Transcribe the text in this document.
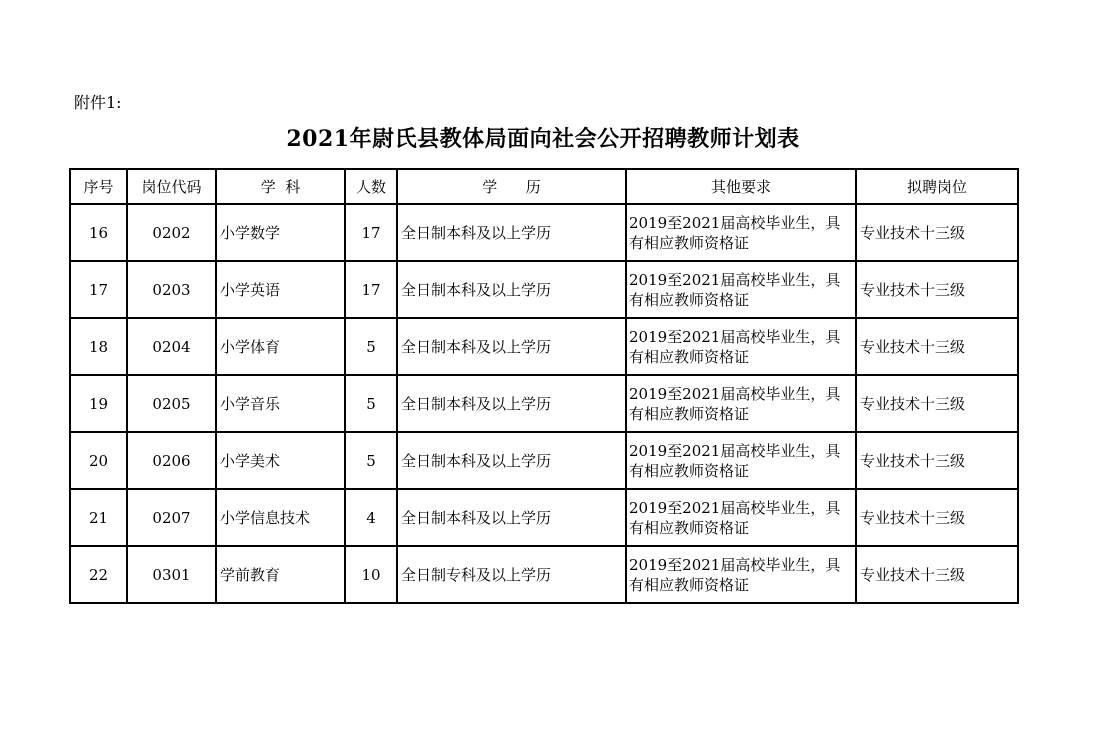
附件1:
2021年尉氏县教体局面向社会公开招聘教师计划表
序号	岗位代码	学  科	人数	学      历	其他要求	拟聘岗位
16	0202	小学数学	17	全日制本科及以上学历	2019至2021届高校毕业生，具有相应教师资格证	专业技术十三级
17	0203	小学英语	17	全日制本科及以上学历	2019至2021届高校毕业生，具有相应教师资格证	专业技术十三级
18	0204	小学体育	5	全日制本科及以上学历	2019至2021届高校毕业生，具有相应教师资格证	专业技术十三级
19	0205	小学音乐	5	全日制本科及以上学历	2019至2021届高校毕业生，具有相应教师资格证	专业技术十三级
20	0206	小学美术	5	全日制本科及以上学历	2019至2021届高校毕业生，具有相应教师资格证	专业技术十三级
21	0207	小学信息技术	4	全日制本科及以上学历	2019至2021届高校毕业生，具有相应教师资格证	专业技术十三级
22	0301	学前教育	10	全日制专科及以上学历	2019至2021届高校毕业生，具有相应教师资格证	专业技术十三级
